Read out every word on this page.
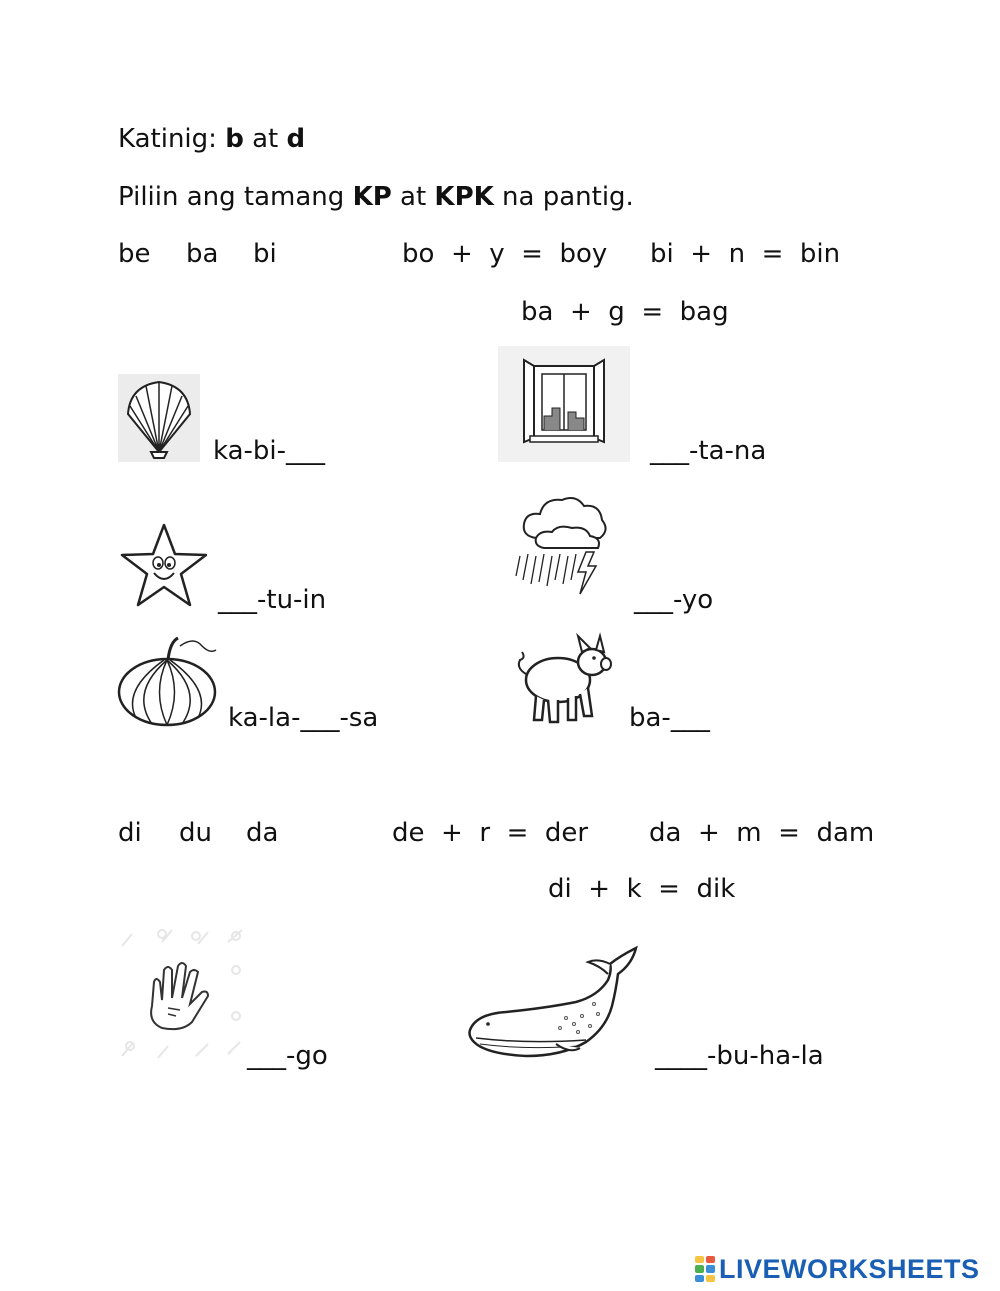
Katinig: b at d
Piliin ang tamang KP at KPK na pantig.
be ba bi	bo  +  y  =  boy bi  +  n  =  bin
ba  +  g  =  bag
ka-bi-___	___-ta-na
___-tu-in	___-yo
ka-la-___-sa	ba-___
di du da	de  +  r  =  der da  +  m  =  dam
di  +  k  =  dik
___-go	____-bu-ha-la
LIVEWORKSHEETS
